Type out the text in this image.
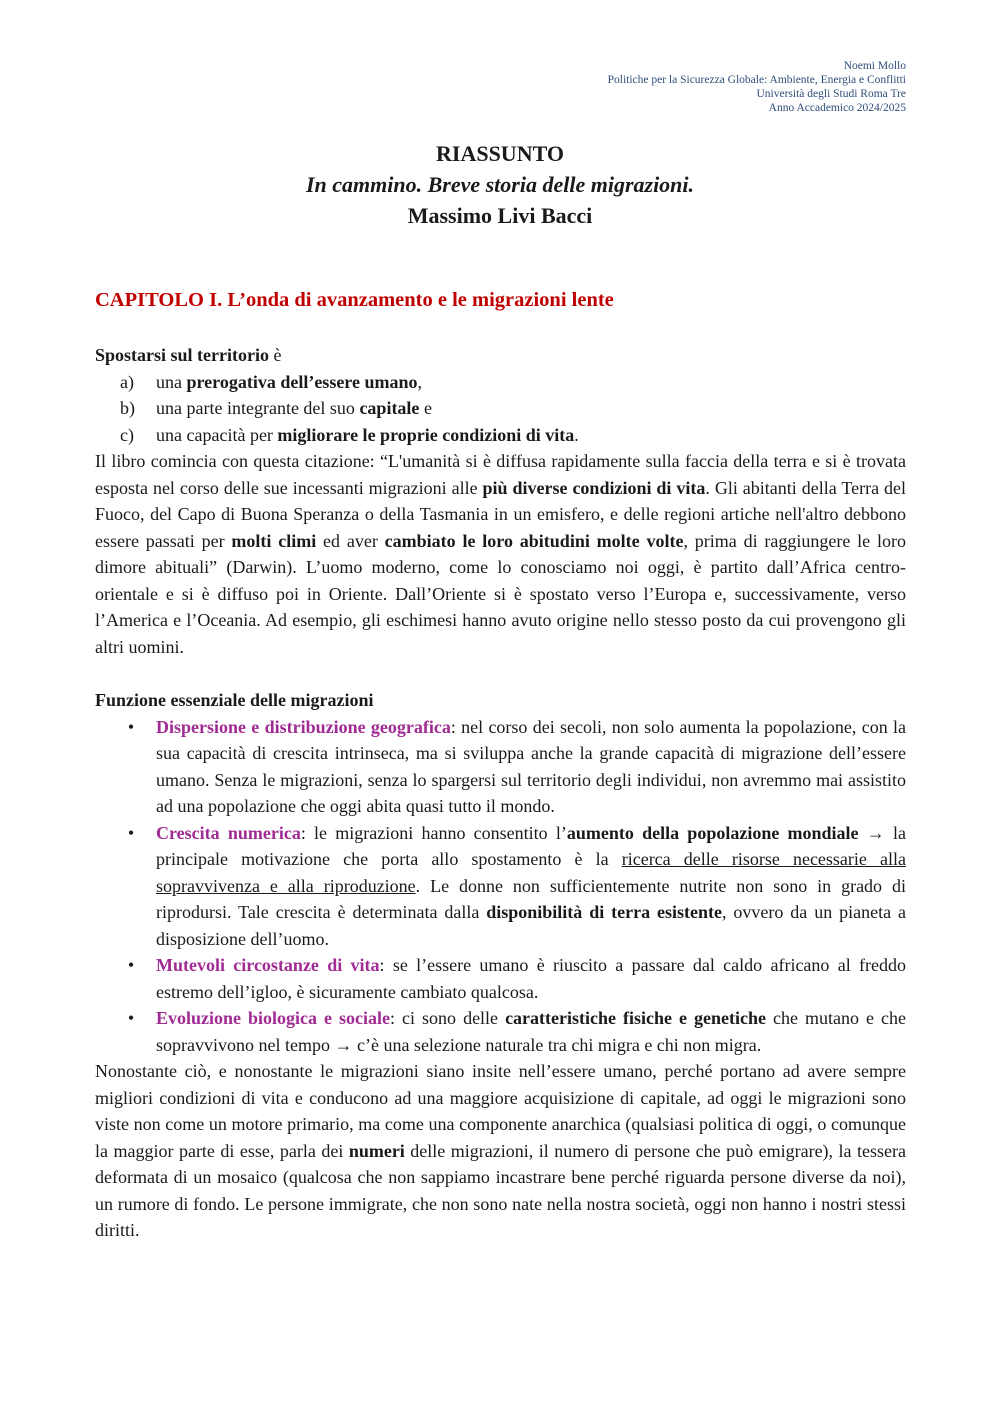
Noemi Mollo
Politiche per la Sicurezza Globale: Ambiente, Energia e Conflitti
Università degli Studi Roma Tre
Anno Accademico 2024/2025
RIASSUNTO
In cammino. Breve storia delle migrazioni.
Massimo Livi Bacci
CAPITOLO I. L’onda di avanzamento e le migrazioni lente

Spostarsi sul territorio è

a) una prerogativa dell’essere umano,
b) una parte integrante del suo capitale e
c) una capacità per migliorare le proprie condizioni di vita.

Il libro comincia con questa citazione: “L'umanità si è diffusa rapidamente sulla faccia della terra e si è trovata esposta nel corso delle sue incessanti migrazioni alle più diverse condizioni di vita. Gli abitanti della Terra del Fuoco, del Capo di Buona Speranza o della Tasmania in un emisfero, e delle regioni artiche nell'altro debbono essere passati per molti climi ed aver cambiato le loro abitudini molte volte, prima di raggiungere le loro dimore abituali” (Darwin). L’uomo moderno, come lo conosciamo noi oggi, è partito dall’Africa centro-orientale e si è diffuso poi in Oriente. Dall’Oriente si è spostato verso l’Europa e, successivamente, verso l’America e l’Oceania. Ad esempio, gli eschimesi hanno avuto origine nello stesso posto da cui provengono gli altri uomini.

Funzione essenziale delle migrazioni

• Dispersione e distribuzione geografica: nel corso dei secoli, non solo aumenta la popolazione, con la sua capacità di crescita intrinseca, ma si sviluppa anche la grande capacità di migrazione dell’essere umano. Senza le migrazioni, senza lo spargersi sul territorio degli individui, non avremmo mai assistito ad una popolazione che oggi abita quasi tutto il mondo.
• Crescita numerica: le migrazioni hanno consentito l’aumento della popolazione mondiale → la principale motivazione che porta allo spostamento è la ricerca delle risorse necessarie alla sopravvivenza e alla riproduzione. Le donne non sufficientemente nutrite non sono in grado di riprodursi. Tale crescita è determinata dalla disponibilità di terra esistente, ovvero da un pianeta a disposizione dell’uomo.
• Mutevoli circostanze di vita: se l’essere umano è riuscito a passare dal caldo africano al freddo estremo dell’igloo, è sicuramente cambiato qualcosa.
• Evoluzione biologica e sociale: ci sono delle caratteristiche fisiche e genetiche che mutano e che sopravvivono nel tempo → c’è una selezione naturale tra chi migra e chi non migra.

Nonostante ciò, e nonostante le migrazioni siano insite nell’essere umano, perché portano ad avere sempre migliori condizioni di vita e conducono ad una maggiore acquisizione di capitale, ad oggi le migrazioni sono viste non come un motore primario, ma come una componente anarchica (qualsiasi politica di oggi, o comunque la maggior parte di esse, parla dei numeri delle migrazioni, il numero di persone che può emigrare), la tessera deformata di un mosaico (qualcosa che non sappiamo incastrare bene perché riguarda persone diverse da noi), un rumore di fondo. Le persone immigrate, che non sono nate nella nostra società, oggi non hanno i nostri stessi diritti.
